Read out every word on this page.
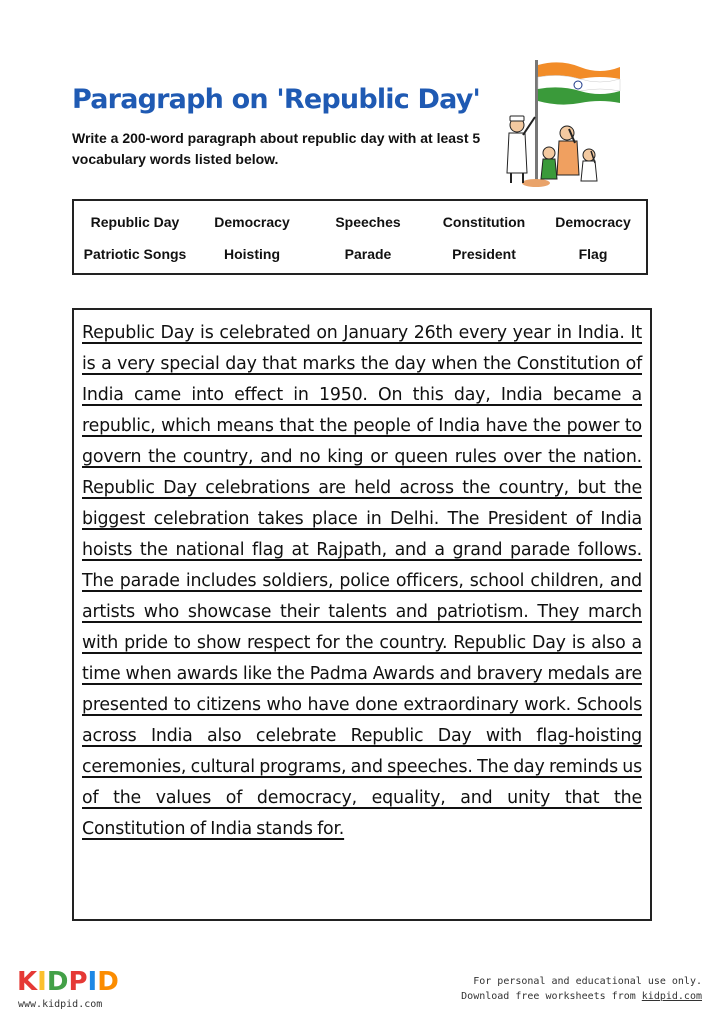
Paragraph on 'Republic Day'
Write a 200-word paragraph about republic day with at least 5 vocabulary words listed below.
Republic Day	Democracy	Speeches	Constitution	Democracy
Patriotic Songs	Hoisting	Parade	President	Flag
Republic Day is celebrated on January 26th every year in India. It is a very special day that marks the day when the Constitution of India came into effect in 1950. On this day, India became a republic, which means that the people of India have the power to govern the country, and no king or queen rules over the nation. Republic Day celebrations are held across the country, but the biggest celebration takes place in Delhi. The President of India hoists the national flag at Rajpath, and a grand parade follows. The parade includes soldiers, police officers, school children, and artists who showcase their talents and patriotism. They march with pride to show respect for the country. Republic Day is also a time when awards like the Padma Awards and bravery medals are presented to citizens who have done extraordinary work. Schools across India also celebrate Republic Day with flag-hoisting ceremonies, cultural programs, and speeches. The day reminds us of the values of democracy, equality, and unity that the Constitution of India stands for.
KIDPID
www.kidpid.com
For personal and educational use only.
Download free worksheets from kidpid.com
